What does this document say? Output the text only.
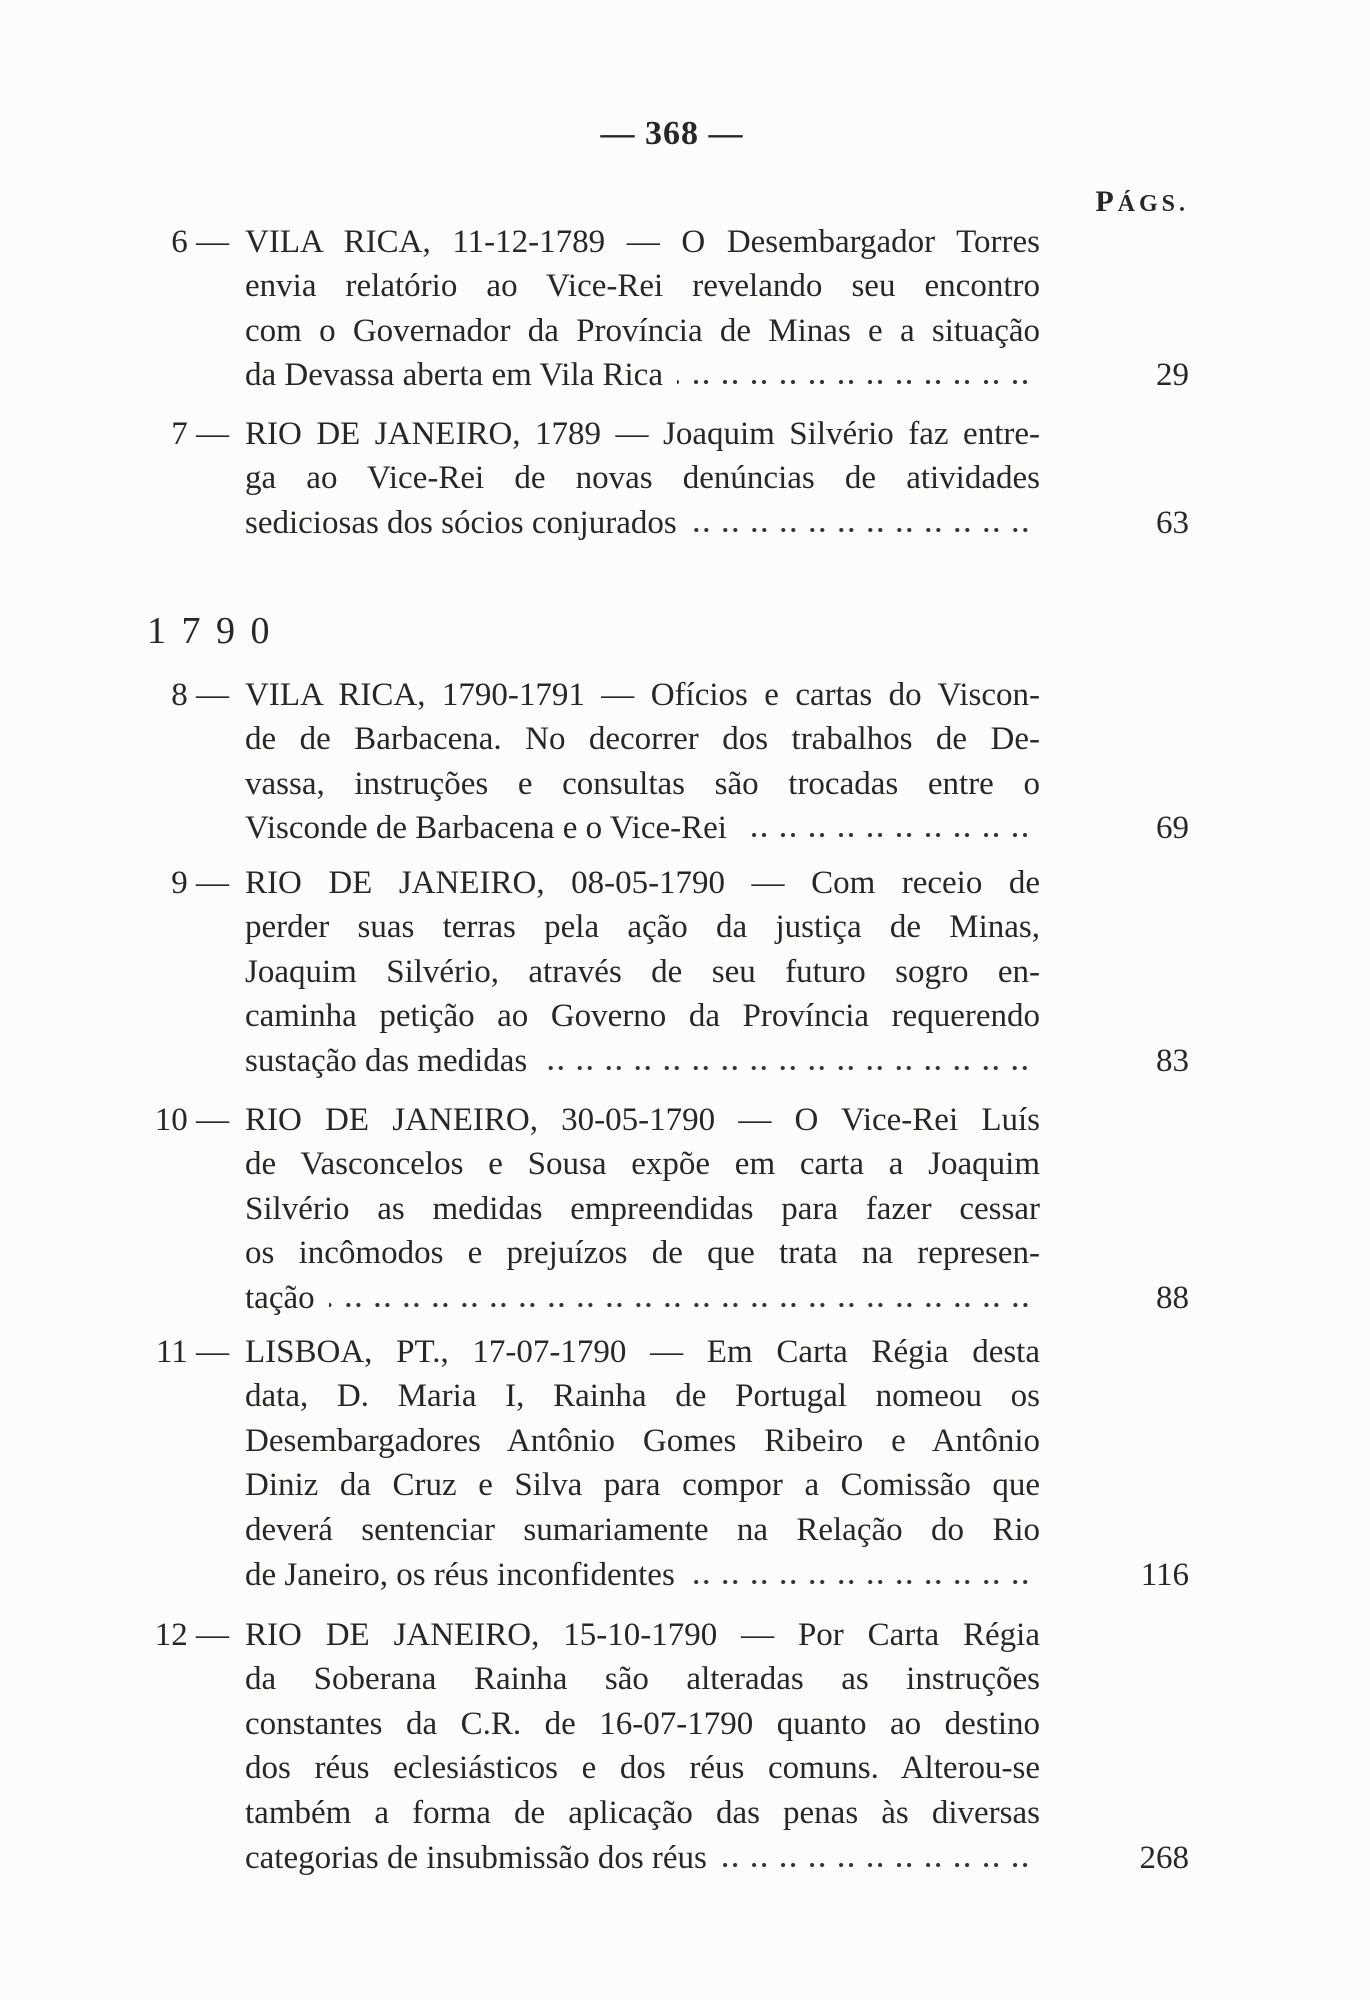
— 368 —
PÁGS.
6 — VILA RICA, 11-12-1789 — O Desembargador Torres
envia relatório ao Vice-Rei revelando seu encontro
com o Governador da Província de Minas e a situação
29
da Devassa aberta em Vila Rica
7 — RIO DE JANEIRO, 1789 — Joaquim Silvério faz entre-
ga ao Vice-Rei de novas denúncias de atividades
63
sediciosas dos sócios conjurados
1 7 9 0
8 — VILA RICA, 1790-1791 — Ofícios e cartas do Viscon-
de de Barbacena. No decorrer dos trabalhos de De-
vassa, instruções e consultas são trocadas entre o
69
Visconde de Barbacena e o Vice-Rei
9 — RIO DE JANEIRO, 08-05-1790 — Com receio de
perder suas terras pela ação da justiça de Minas,
Joaquim Silvério, através de seu futuro sogro en-
caminha petição ao Governo da Província requerendo
83
sustação das medidas
10 — RIO DE JANEIRO, 30-05-1790 — O Vice-Rei Luís
de Vasconcelos e Sousa expõe em carta a Joaquim
Silvério as medidas empreendidas para fazer cessar
os incômodos e prejuízos de que trata na represen-
88
tação
11 — LISBOA, PT., 17-07-1790 — Em Carta Régia desta
data, D. Maria I, Rainha de Portugal nomeou os
Desembargadores Antônio Gomes Ribeiro e Antônio
Diniz da Cruz e Silva para compor a Comissão que
deverá sentenciar sumariamente na Relação do Rio
116
de Janeiro, os réus inconfidentes
12 — RIO DE JANEIRO, 15-10-1790 — Por Carta Régia
da Soberana Rainha são alteradas as instruções
constantes da C.R. de 16-07-1790 quanto ao destino
dos réus eclesiásticos e dos réus comuns. Alterou-se
também a forma de aplicação das penas às diversas
268
categorias de insubmissão dos réus
